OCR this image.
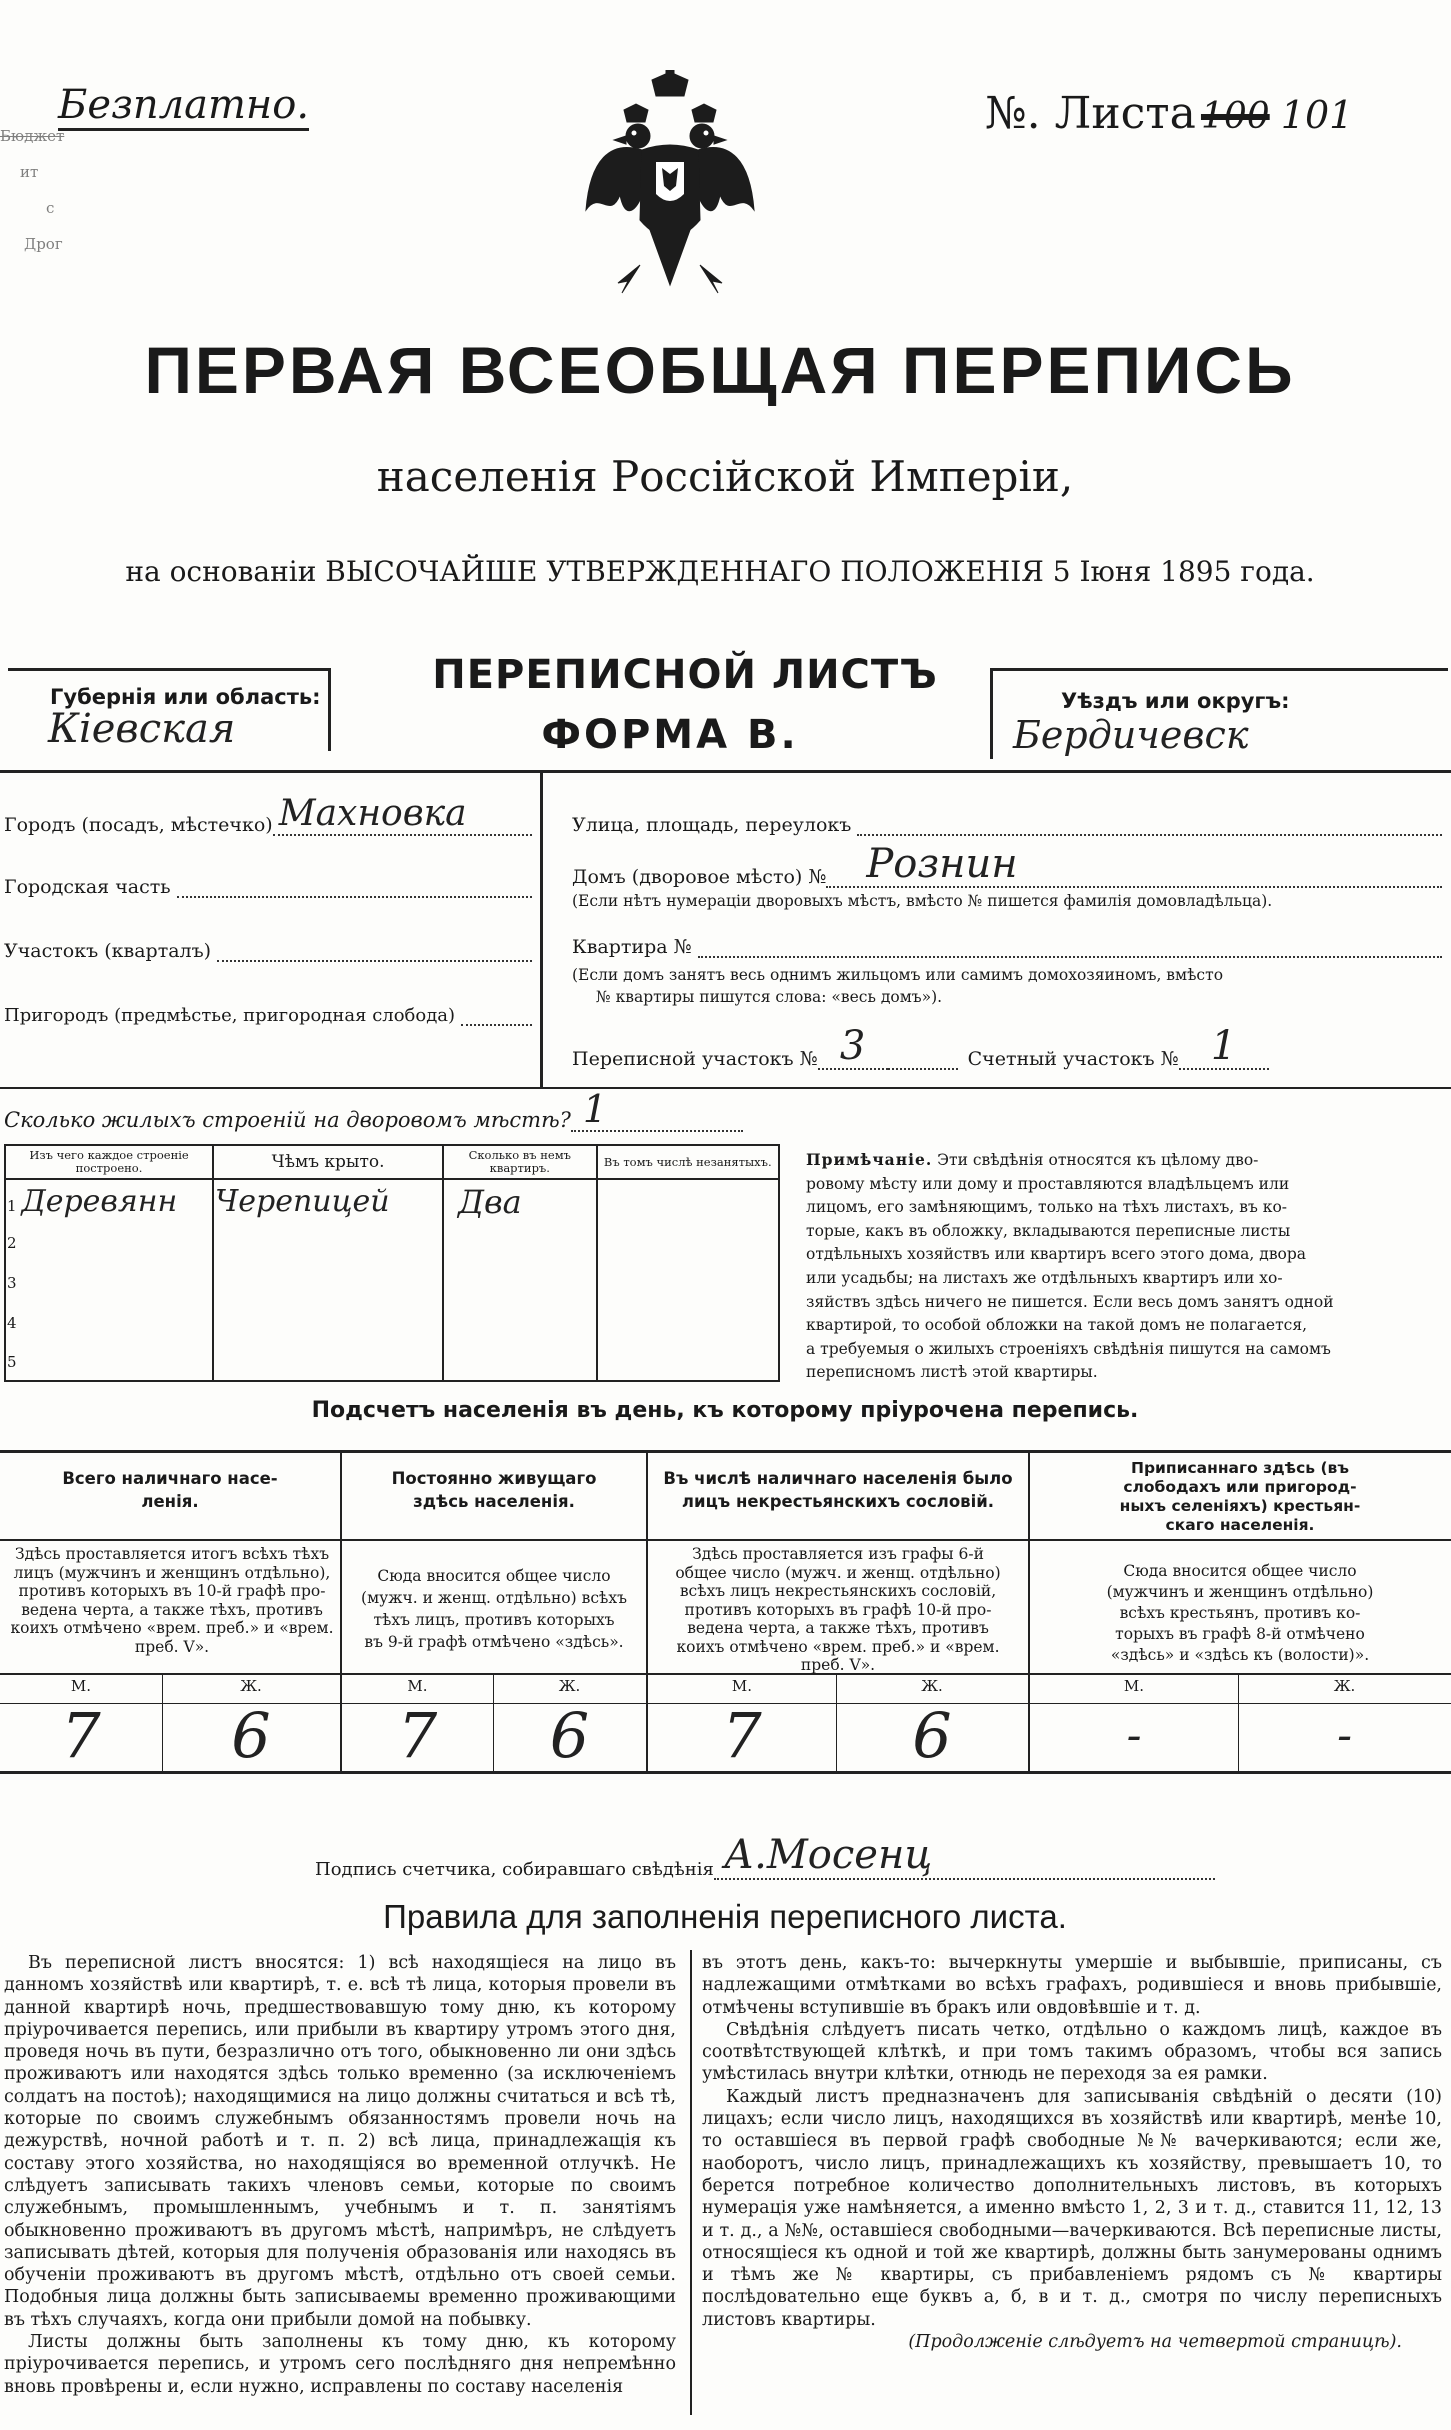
Безплатно.
Бюджет
ит
с
Дрог
№. Листа 100 101
ПЕРВАЯ ВСЕОБЩАЯ ПЕРЕПИСЬ
населенія Россійской Имперіи,
на основаніи ВЫСОЧАЙШЕ УТВЕРЖДЕННАГО ПОЛОЖЕНІЯ 5 Іюня 1895 года.
Губернія или область:
Кіевская
ПЕРЕПИСНОЙ ЛИСТЪ
ФОРМА В.
Уѣздъ или округъ:
Бердичевск
Городъ (посадъ, мѣстечко) Махновка
Городская часть
Участокъ (кварталъ)
Пригородъ (предмѣстье, пригородная слобода)
Улица, площадь, переулокъ
Домъ (дворовое мѣсто) №	Рознин
(Если нѣтъ нумераціи дворовыхъ мѣстъ, вмѣсто № пишется фамилія домовладѣльца).
Квартира №
(Если домъ занятъ весь однимъ жильцомъ или самимъ домохозяиномъ, вмѣсто
№ квартиры пишутся слова: «весь домъ»).
Переписной участокъ № 3	Счетный участокъ № 1
Сколько жилыхъ строеній на дворовомъ мѣстѣ? 1
Изъ чего каждое строеніе построено.	Чѣмъ крыто.	Сколько въ немъ квартиръ.	Въ томъ числѣ незанятыхъ.
1 Деревянн	Черепицей	Два	
2			
3			
4			
5			
Примѣчаніе. Эти свѣдѣнія относятся къ цѣлому дво-
ровому мѣсту или дому и проставляются владѣльцемъ или
лицомъ, его замѣняющимъ, только на тѣхъ листахъ, въ ко-
торые, какъ въ обложку, вкладываются переписные листы
отдѣльныхъ хозяйствъ или квартиръ всего этого дома, двора
или усадьбы; на листахъ же отдѣльныхъ квартиръ или хо-
зяйствъ здѣсь ничего не пишется. Если весь домъ занятъ одной
квартирой, то особой обложки на такой домъ не полагается,
а требуемыя о жилыхъ строеніяхъ свѣдѣнія пишутся на самомъ
переписномъ листѣ этой квартиры.
Подсчетъ населенія въ день, къ которому пріурочена перепись.
Всего наличнаго насе-
ленія.
Здѣсь проставляется итогъ всѣхъ тѣхъ
лицъ (мужчинъ и женщинъ отдѣльно),
противъ которыхъ въ 10-й графѣ про-
ведена черта, а также тѣхъ, противъ
коихъ отмѣчено «врем. преб.» и «врем.
преб. V».
М.	Ж.
7	6
Постоянно живущаго
здѣсь населенія.
Сюда вносится общее число
(мужч. и женщ. отдѣльно) всѣхъ
тѣхъ лицъ, противъ которыхъ
въ 9-й графѣ отмѣчено «здѣсь».
М.	Ж.
7	6
Въ числѣ наличнаго населенія было
лицъ некрестьянскихъ сословій.
Здѣсь проставляется изъ графы 6-й
общее число (мужч. и женщ. отдѣльно)
всѣхъ лицъ некрестьянскихъ сословій,
противъ которыхъ въ графѣ 10-й про-
ведена черта, а также тѣхъ, противъ
коихъ отмѣчено «врем. преб.» и «врем.
преб. V».
М.	Ж.
7	6
Приписаннаго здѣсь (въ
слободахъ или пригород-
ныхъ селеніяхъ) крестьян-
скаго населенія.
Сюда вносится общее число
(мужчинъ и женщинъ отдѣльно)
всѣхъ крестьянъ, противъ ко-
торыхъ въ графѣ 8-й отмѣчено
«здѣсь» и «здѣсь къ (волости)».
М.	Ж.
-	-
Подпись счетчика, собиравшаго свѣдѣнія А.Мосенц
Правила для заполненія переписного листа.

Въ переписной листъ вносятся: 1) всѣ находящіеся на лицо въ данномъ хозяйствѣ или квартирѣ, т. е. всѣ тѣ лица, которыя провели въ данной квартирѣ ночь, предшествовавшую тому дню, къ которому пріурочивается перепись, или прибыли въ квартиру утромъ этого дня, проведя ночь въ пути, безразлично отъ того, обыкновенно ли они здѣсь проживаютъ или находятся здѣсь только временно (за исключеніемъ солдатъ на постоѣ); находящимися на лицо должны считаться и всѣ тѣ, которые по своимъ служебнымъ обязанностямъ провели ночь на дежурствѣ, ночной работѣ и т. п. 2) всѣ лица, принадлежащія къ составу этого хозяйства, но находящіяся во временной отлучкѣ. Не слѣдуетъ записывать такихъ членовъ семьи, которые по своимъ служебнымъ, промышленнымъ, учебнымъ и т. п. занятіямъ обыкновенно проживаютъ въ другомъ мѣстѣ, напримѣръ, не слѣдуетъ записывать дѣтей, которыя для полученія образованія или находясь въ обученіи проживаютъ въ другомъ мѣстѣ, отдѣльно отъ своей семьи. Подобныя лица должны быть записываемы временно проживающими въ тѣхъ случаяхъ, когда они прибыли домой на побывку.

Листы должны быть заполнены къ тому дню, къ которому пріурочивается перепись, и утромъ сего послѣдняго дня непремѣнно вновь провѣрены и, если нужно, исправлены по составу населенія

въ этотъ день, какъ-то: вычеркнуты умершіе и выбывшіе, приписаны, съ надлежащими отмѣтками во всѣхъ графахъ, родившіеся и вновь прибывшіе, отмѣчены вступившіе въ бракъ или овдовѣвшіе и т. д.

Свѣдѣнія слѣдуетъ писать четко, отдѣльно о каждомъ лицѣ, каждое въ соотвѣтствующей клѣткѣ, и при томъ такимъ образомъ, чтобы вся запись умѣстилась внутри клѣтки, отнюдь не переходя за ея рамки.

Каждый листъ предназначенъ для записыванія свѣдѣній о десяти (10) лицахъ; если число лицъ, находящихся въ хозяйствѣ или квартирѣ, менѣе 10, то оставшіеся въ первой графѣ свободные №№ вачеркиваются; если же, наоборотъ, число лицъ, принадлежащихъ къ хозяйству, превышаетъ 10, то берется потребное количество дополнительныхъ листовъ, въ которыхъ нумерація уже намѣняется, а именно вмѣсто 1, 2, 3 и т. д., ставится 11, 12, 13 и т. д., а №№, оставшіеся свободными—вачеркиваются. Всѣ переписные листы, относящіеся къ одной и той же квартирѣ, должны быть занумерованы однимъ и тѣмъ же № квартиры, съ прибавленіемъ рядомъ съ № квартиры послѣдовательно еще буквъ а, б, в и т. д., смотря по числу переписныхъ листовъ квартиры.

(Продолженіе слѣдуетъ на четвертой страницѣ).
